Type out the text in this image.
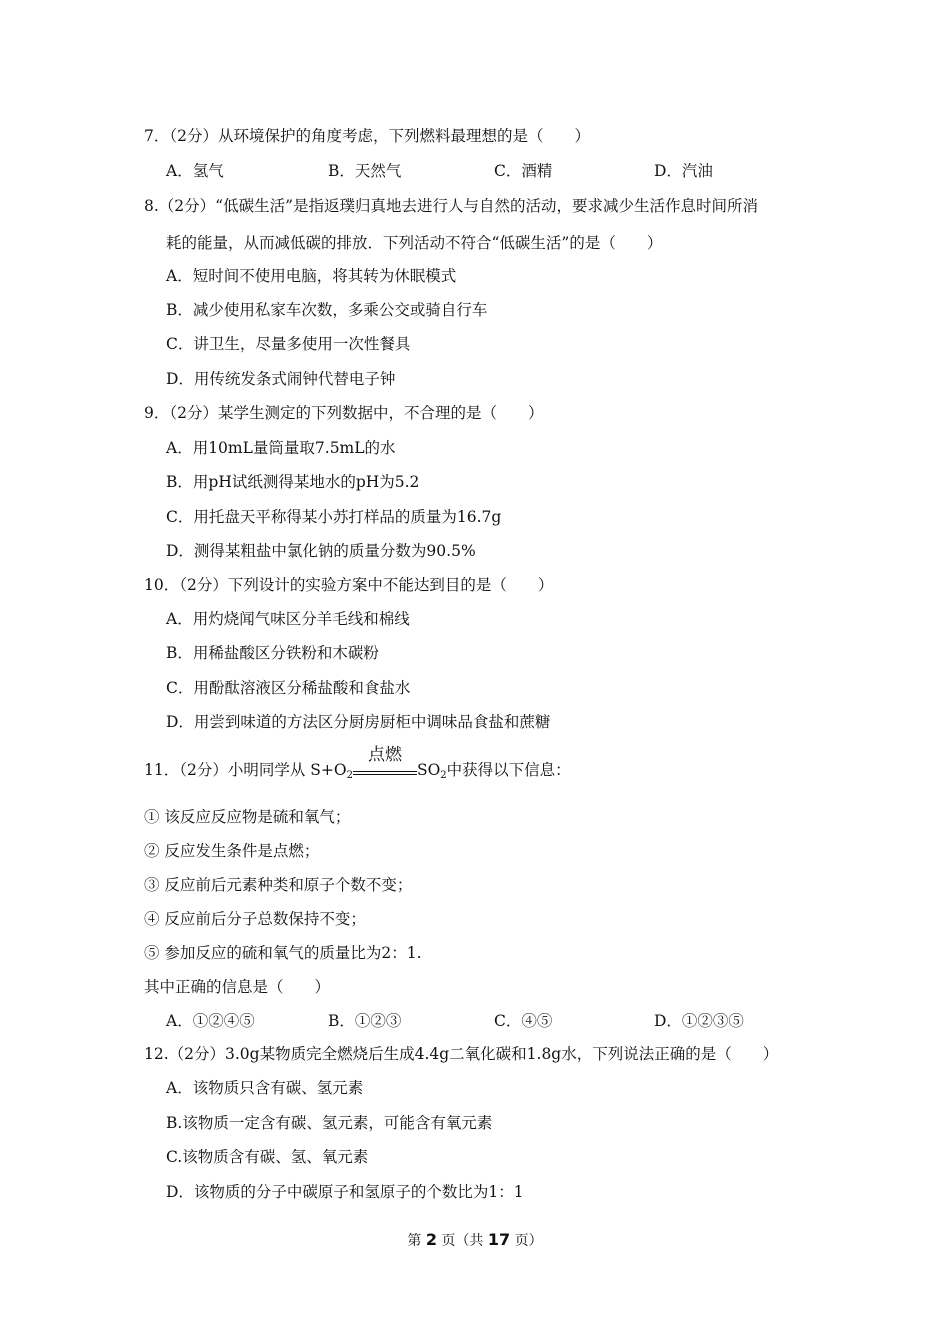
7．（2分）从环境保护的角度考虑，下列燃料最理想的是（　　）
A．氢气	B．天然气	C．酒精	D．汽油
8.（2分）“低碳生活”是指返璞归真地去进行人与自然的活动，要求减少生活作息时间所消
耗的能量，从而减低碳的排放．下列活动不符合“低碳生活”的是（　　）
A．短时间不使用电脑，将其转为休眠模式
B．减少使用私家车次数，多乘公交或骑自行车
C．讲卫生，尽量多使用一次性餐具
D．用传统发条式闹钟代替电子钟
9．（2分）某学生测定的下列数据中，不合理的是（　　）
A．用10mL量筒量取7.5mL的水
B．用pH试纸测得某地水的pH为5.2
C．用托盘天平称得某小苏打样品的质量为16.7g
D．测得某粗盐中氯化钠的质量分数为90.5%
10．（2分）下列设计的实验方案中不能达到目的是（　　）
A．用灼烧闻气味区分羊毛线和棉线
B．用稀盐酸区分铁粉和木碳粉
C．用酚酞溶液区分稀盐酸和食盐水
D．用尝到味道的方法区分厨房厨柜中调味品食盐和蔗糖
11．（2分）小明同学从 $S+O_2$
点燃
$SO_2$中获得以下信息：
① 该反应反应物是硫和氧气；
② 反应发生条件是点燃；
③ 反应前后元素种类和原子个数不变；
④ 反应前后分子总数保持不变；
⑤ 参加反应的硫和氧气的质量比为2：1.
其中正确的信息是（　　）
A．①②④⑤	B．①②③	C．④⑤	D．①②③⑤
12.（2分）3.0g某物质完全燃烧后生成4.4g二氧化碳和1.8g水，下列说法正确的是（　　）
A．该物质只含有碳、氢元素
B.该物质一定含有碳、氢元素，可能含有氧元素
C.该物质含有碳、氢、氧元素
D．该物质的分子中碳原子和氢原子的个数比为1：1
第 2 页（共 17 页）
